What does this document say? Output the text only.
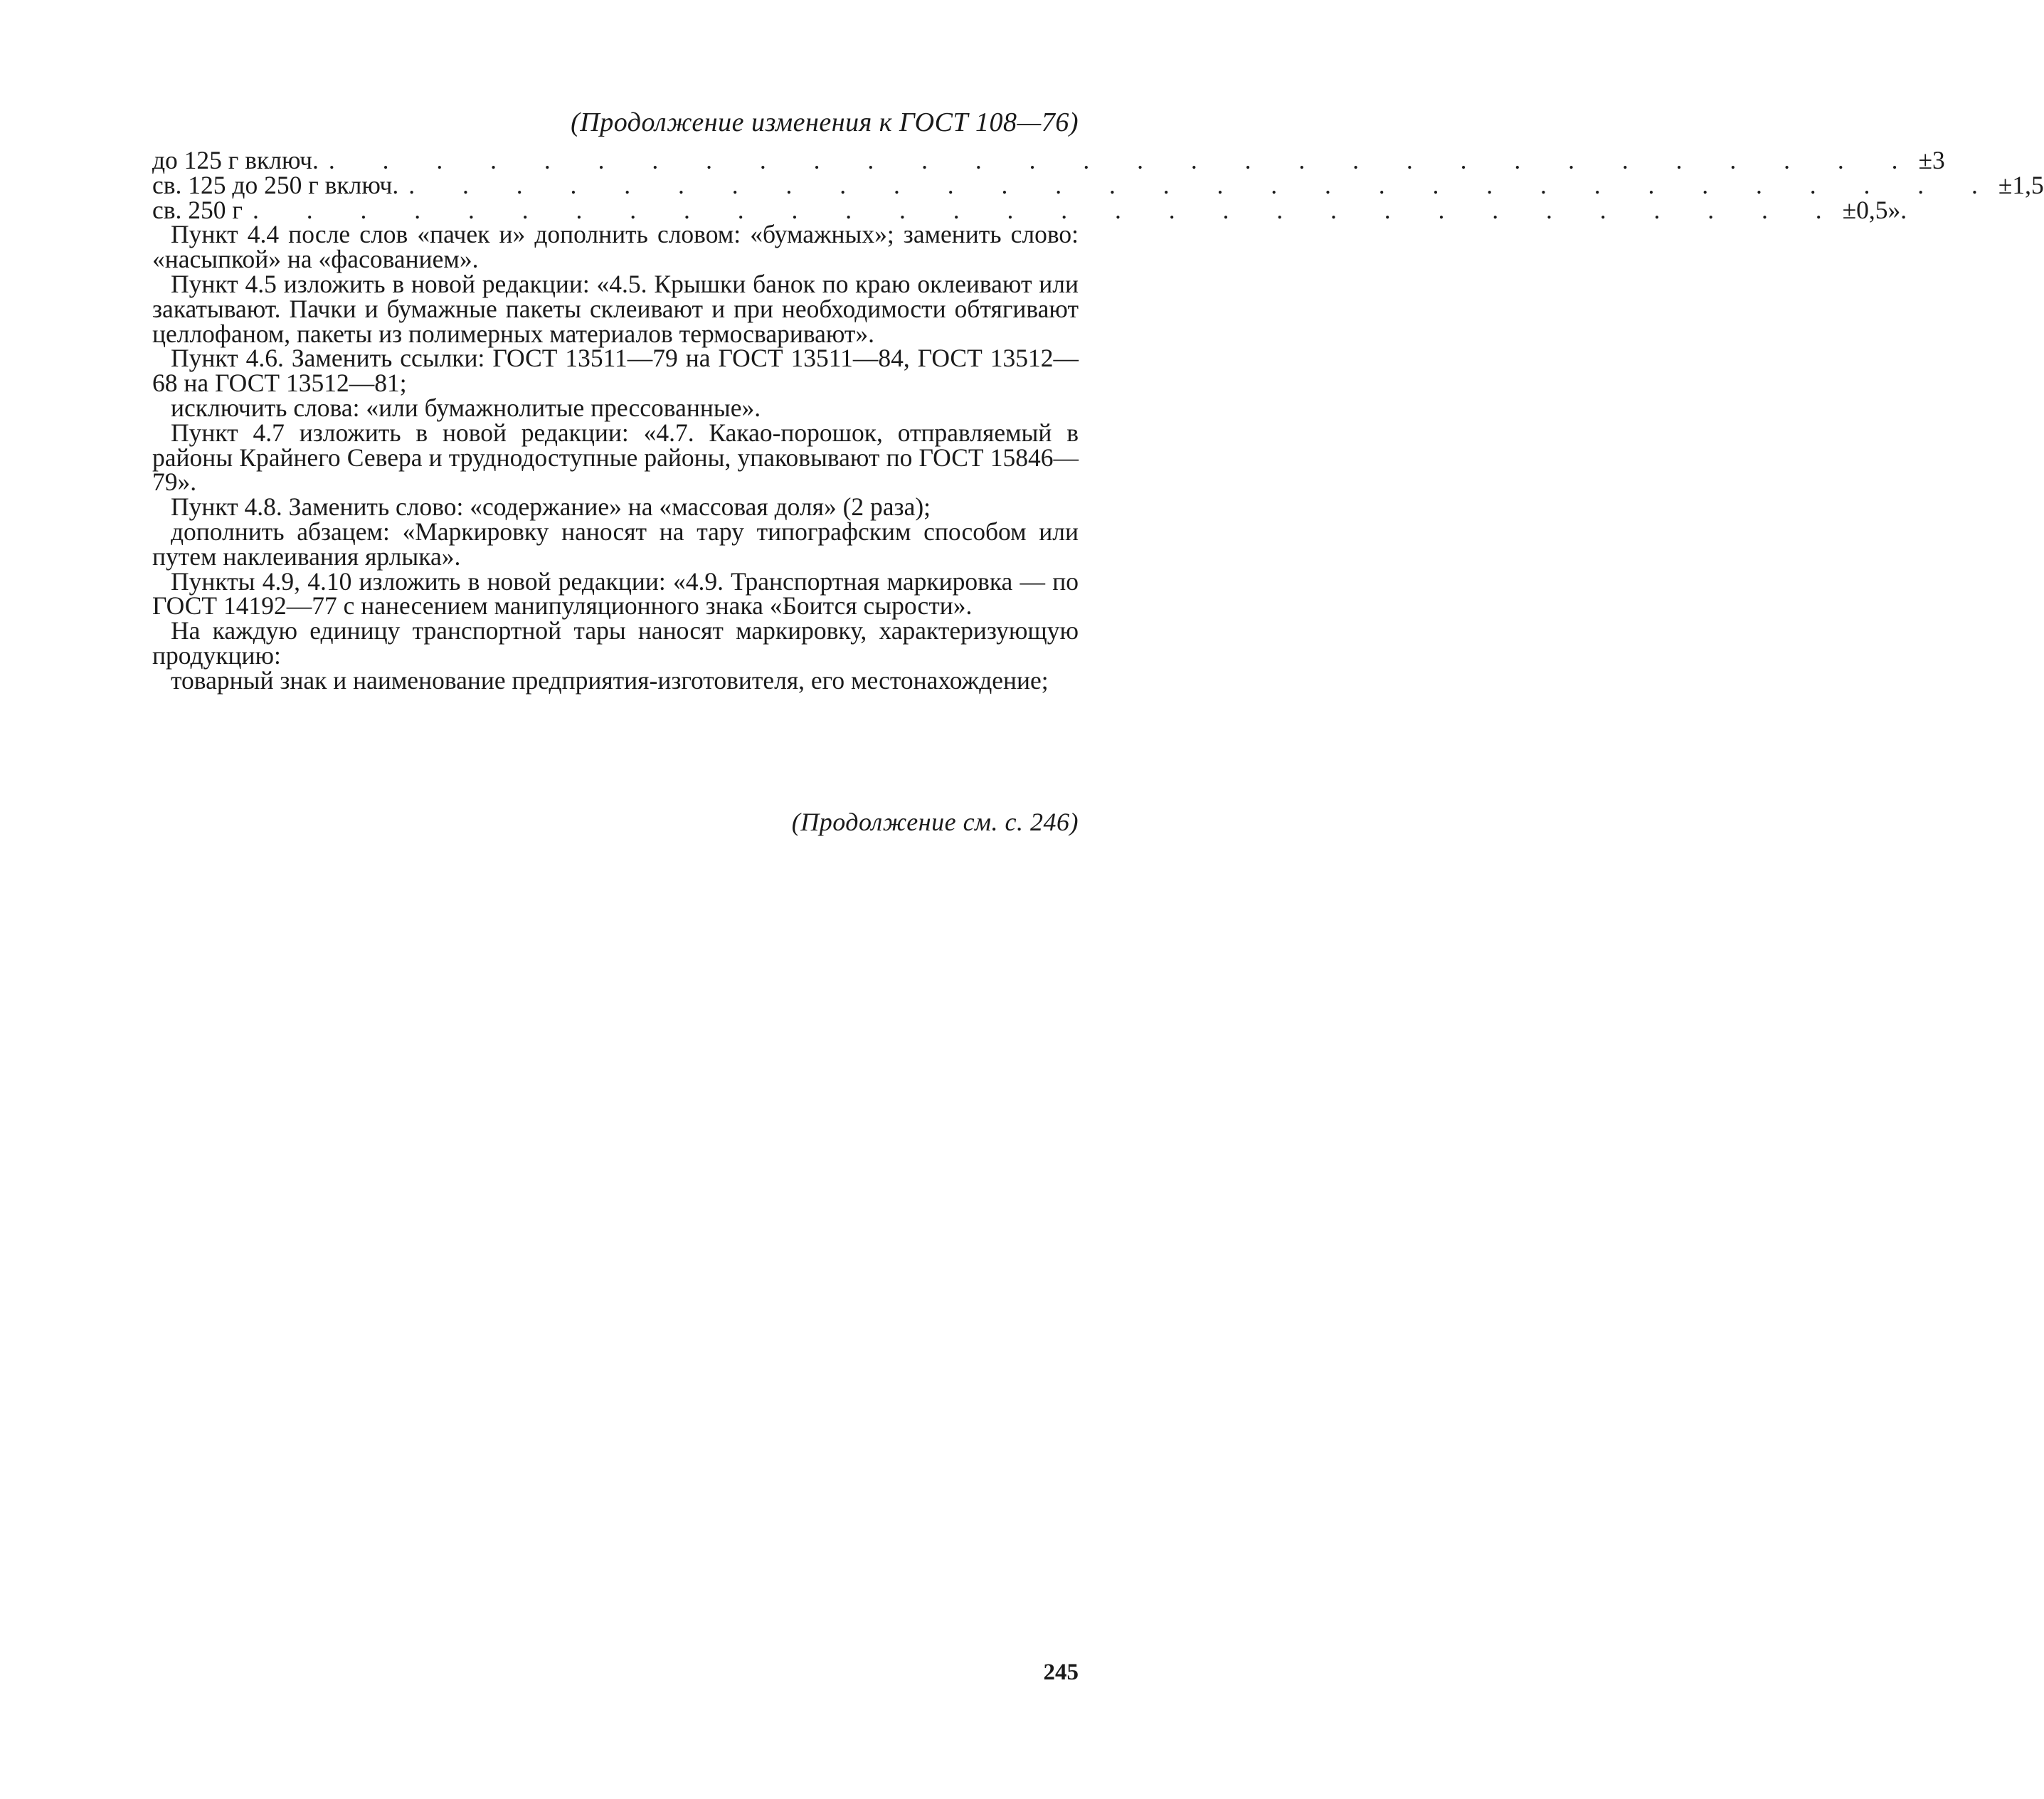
(Продолжение изменения к ГОСТ 108—76)
до 125 г включ. . . . . . . . . . . . . . . . . . . . . . . . . . . . . . . ±3
св. 125 до 250 г включ. . . . . . . . . . . . . . . . . . . . . . . . . . . . . . . ±1,5
св. 250 г . . . . . . . . . . . . . . . . . . . . . . . . . . . . . . ±0,5».

Пункт 4.4 после слов «пачек и» дополнить словом: «бумажных»; заменить слово: «насыпкой» на «фасованием».

Пункт 4.5 изложить в новой редакции: «4.5. Крышки банок по краю оклеивают или закатывают. Пачки и бумажные пакеты склеивают и при необходимости обтягивают целлофаном, пакеты из полимерных материалов термосваривают».

Пункт 4.6. Заменить ссылки: ГОСТ 13511—79 на ГОСТ 13511—84, ГОСТ 13512—68 на ГОСТ 13512—81;

исключить слова: «или бумажнолитые прессованные».

Пункт 4.7 изложить в новой редакции: «4.7. Какао-порошок, отправляемый в районы Крайнего Севера и труднодоступные районы, упаковывают по ГОСТ 15846—79».

Пункт 4.8. Заменить слово: «содержание» на «массовая доля» (2 раза);

дополнить абзацем: «Маркировку наносят на тару типографским способом или путем наклеивания ярлыка».

Пункты 4.9, 4.10 изложить в новой редакции: «4.9. Транспортная маркировка — по ГОСТ 14192—77 с нанесением манипуляционного знака «Боится сырости».

На каждую единицу транспортной тары наносят маркировку, характеризующую продукцию:

товарный знак и наименование предприятия-изготовителя, его местонахождение;

(Продолжение см. с. 246)
245
